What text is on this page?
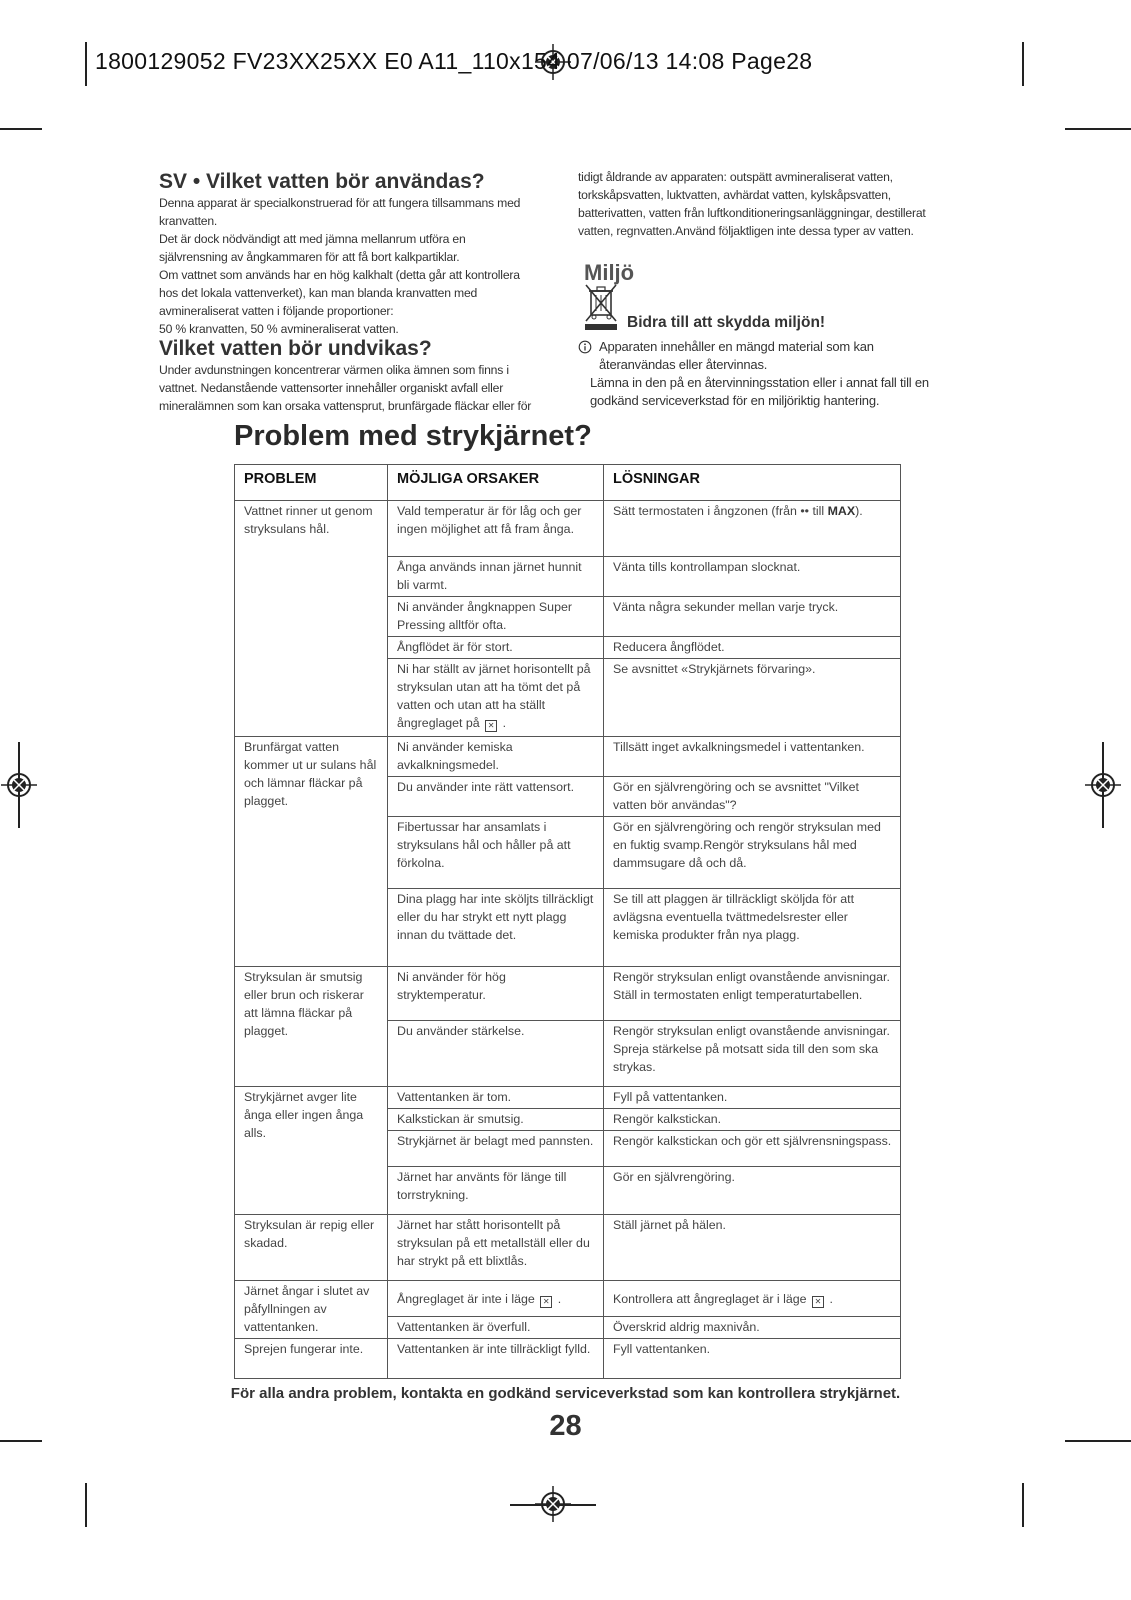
1800129052 FV23XX25XX E0 A11_110x154 07/06/13 14:08 Page28
SV • Vilket vatten bör användas?

Denna apparat är specialkonstruerad för att fungera tillsammans med

kranvatten.

Det är dock nödvändigt att med jämna mellanrum utföra en

självrensning av ångkammaren för att få bort kalkpartiklar.

Om vattnet som används har en hög kalkhalt (detta går att kontrollera

hos det lokala vattenverket), kan man blanda kranvatten med

avmineraliserat vatten i följande proportioner:

50 % kranvatten, 50 % avmineraliserat vatten.

Vilket vatten bör undvikas?

Under avdunstningen koncentrerar värmen olika ämnen som finns i

vattnet. Nedanstående vattensorter innehåller organiskt avfall eller

mineralämnen som kan orsaka vattensprut, brunfärgade fläckar eller för

tidigt åldrande av apparaten: outspätt avmineraliserat vatten,

torkskåpsvatten, luktvatten, avhärdat vatten, kylskåpsvatten,

batterivatten, vatten från luftkonditioneringsanläggningar, destillerat

vatten, regnvatten.Använd följaktligen inte dessa typer av vatten.

Miljö
Bidra till att skydda miljön!

Apparaten innehåller en mängd material som kan

återanvändas eller återvinnas.

Lämna in den på en återvinningsstation eller i annat fall till en

godkänd serviceverkstad för en miljöriktig hantering.

Problem med strykjärnet?
PROBLEM	MÖJLIGA ORSAKER	LÖSNINGAR
Vattnet rinner ut genom stryksulans hål.	Vald temperatur är för låg och ger ingen möjlighet att få fram ånga.	Sätt termostaten i ångzonen (från •• till MAX).
	Ånga används innan järnet hunnit bli varmt.	Vänta tills kontrollampan slocknat.
	Ni använder ångknappen Super Pressing alltför ofta.	Vänta några sekunder mellan varje tryck.
	Ångflödet är för stort.	Reducera ångflödet.
	Ni har ställt av järnet horisontellt på stryksulan utan att ha tömt det på vatten och utan att ha ställt ångreglaget på ✕ .	Se avsnittet «Strykjärnets förvaring».
Brunfärgat vatten kommer ut ur sulans hål och lämnar fläckar på plagget.	Ni använder kemiska avkalkningsmedel.	Tillsätt inget avkalkningsmedel i vattentanken.
	Du använder inte rätt vattensort.	Gör en självrengöring och se avsnittet "Vilket vatten bör användas"?
	Fibertussar har ansamlats i stryksulans hål och håller på att förkolna.	Gör en självrengöring och rengör stryksulan med en fuktig svamp.Rengör stryksulans hål med dammsugare då och då.
	Dina plagg har inte sköljts tillräckligt eller du har strykt ett nytt plagg innan du tvättade det.	Se till att plaggen är tillräckligt sköljda för att avlägsna eventuella tvättmedelsrester eller kemiska produkter från nya plagg.
Stryksulan är smutsig eller brun och riskerar att lämna fläckar på plagget.	Ni använder för hög stryktemperatur.	Rengör stryksulan enligt ovanstående anvisningar. Ställ in termostaten enligt temperaturtabellen.
	Du använder stärkelse.	Rengör stryksulan enligt ovanstående anvisningar. Spreja stärkelse på motsatt sida till den som ska strykas.
Strykjärnet avger lite ånga eller ingen ånga alls.	Vattentanken är tom.	Fyll på vattentanken.
	Kalkstickan är smutsig.	Rengör kalkstickan.
	Strykjärnet är belagt med pannsten.	Rengör kalkstickan och gör ett självrensningspass.
	Järnet har använts för länge till torrstrykning.	Gör en självrengöring.
Stryksulan är repig eller skadad.	Järnet har stått horisontellt på stryksulan på ett metallställ eller du har strykt på ett blixtlås.	Ställ järnet på hälen.
Järnet ångar i slutet av påfyllningen av vattentanken.	Ångreglaget är inte i läge ✕ .	Kontrollera att ångreglaget är i läge ✕ .
	Vattentanken är överfull.	Överskrid aldrig maxnivån.
Sprejen fungerar inte.	Vattentanken är inte tillräckligt fylld.	Fyll vattentanken.
För alla andra problem, kontakta en godkänd serviceverkstad som kan kontrollera strykjärnet.
28
